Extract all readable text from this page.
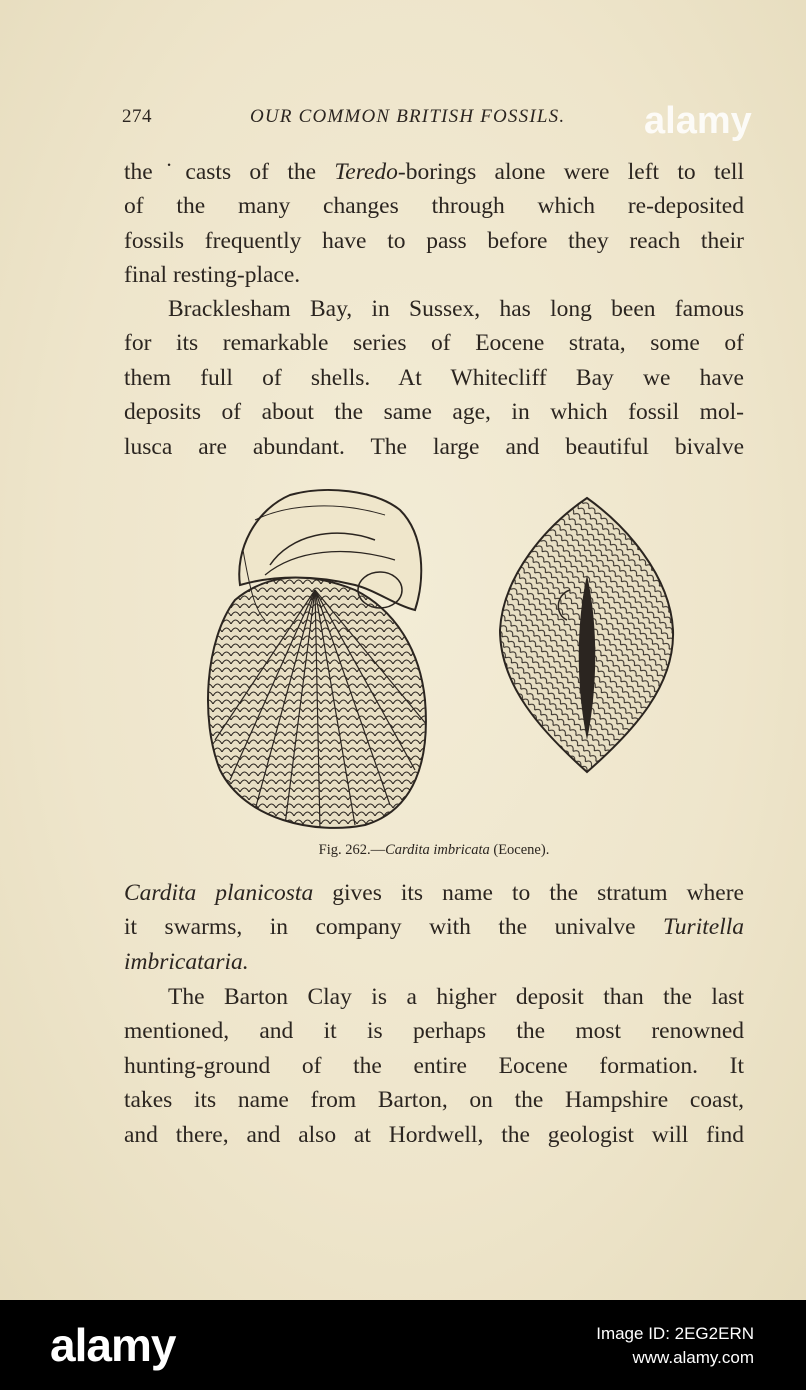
274	OUR COMMON BRITISH FOSSILS. alamy
the˙casts of the Teredo-borings alone were left to tell
of the many changes through which re-deposited
fossils frequently have to pass before they reach their
final resting-place.
Bracklesham Bay, in Sussex, has long been famous
for its remarkable series of Eocene strata, some of
them full of shells. At Whitecliff Bay we have
deposits of about the same age, in which fossil mol-
lusca are abundant. The large and beautiful bivalve
Fig. 262.—Cardita imbricata (Eocene).
Cardita planicosta gives its name to the stratum where
it swarms, in company with the univalve Turitella
imbricataria.
The Barton Clay is a higher deposit than the last
mentioned, and it is perhaps the most renowned
hunting-ground of the entire Eocene formation. It
takes its name from Barton, on the Hampshire coast,
and there, and also at Hordwell, the geologist will find
alamy	Image ID: 2EG2ERN
www.alamy.com
